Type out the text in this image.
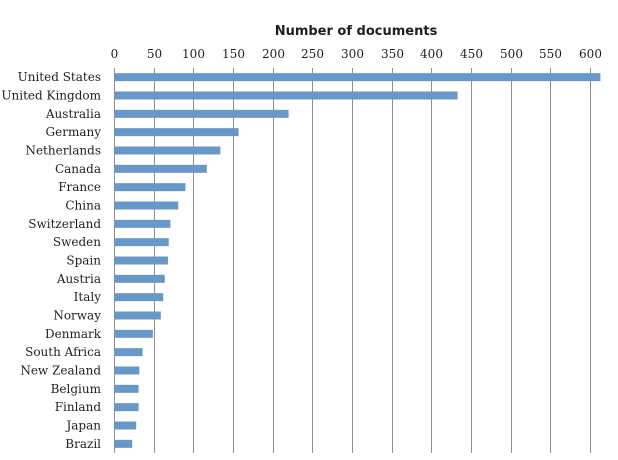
Number of documents
0 50 100 150 200 250 300 350 400 450 500 550 600
United States
United Kingdom
Australia
Germany
Netherlands
Canada
France
China
Switzerland
Sweden
Spain
Austria
Italy
Norway
Denmark
South Africa
New Zealand
Belgium
Finland
Japan
Brazil
